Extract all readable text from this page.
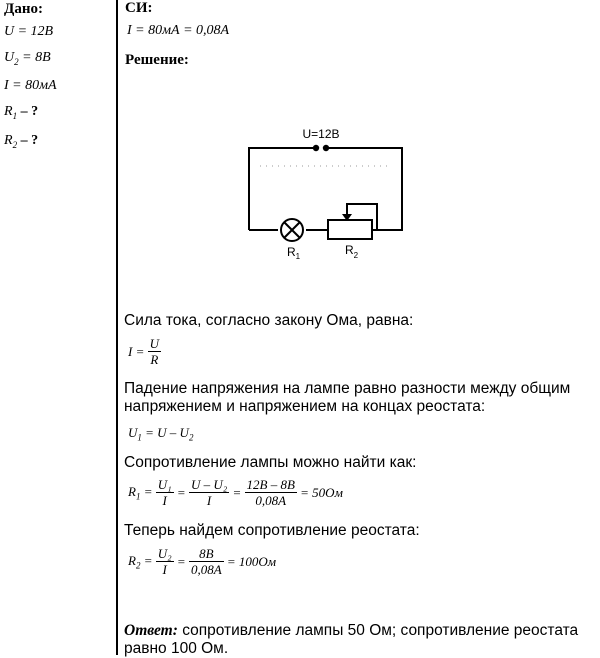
Дано:
U = 12В
$U_2 = 8В$
I = 80мА
$R_1$ – ?
$R_2$ – ?
СИ:
I = 80мА = 0,08А
Решение:
U=12В
$R_1$	$R_2$
Сила тока, согласно закону Ома, равна:
$I = \frac{U}{R}$
Падение напряжения на лампе равно разности между общим напряжением и напряжением на концах реостата:
$U_1 = U - U_2$
Сопротивление лампы можно найти как:
$R_1 = \frac{\text{U₁}}{I} = \frac{\text{U – U₂}}{I} = \frac{12В - 8В}{0,08А} = 50Ом$
Теперь найдем сопротивление реостата:
$R_2 = \frac{\text{U₂}}{I} = \frac{8В}{0,08А} = 100Ом$
Ответ: сопротивление лампы 50 Ом; сопротивление реостата равно 100 Ом.
